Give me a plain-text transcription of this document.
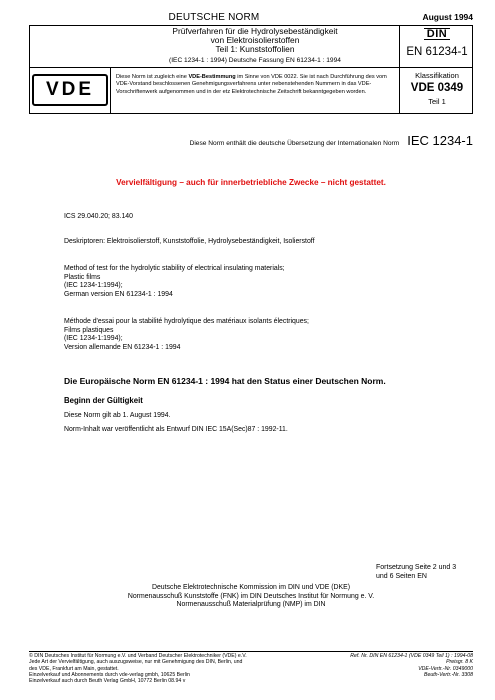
DEUTSCHE NORM	August 1994
Prüfverfahren für die Hydrolysebeständigkeit
von Elektroisolierstoffen
Teil 1: Kunststoffolien
(IEC 1234-1 : 1994) Deutsche Fassung EN 61234-1 : 1994
DIN
EN 61234-1
VDE
Diese Norm ist zugleich eine VDE-Bestimmung im Sinne von VDE 0022. Sie ist nach Durchführung des vom VDE-Vorstand beschlossenen Genehmigungsverfahrens unter nebenstehenden Nummern in das VDE-Vorschriftenwerk aufgenommen und in der etz Elektrotechnische Zeitschrift bekanntgegeben worden.
Klassifikation
VDE 0349
Teil 1
Diese Norm enthält die deutsche Übersetzung der Internationalen Norm IEC 1234-1
Vervielfältigung – auch für innerbetriebliche Zwecke – nicht gestattet.
ICS 29.040.20; 83.140
Deskriptoren: Elektroisolierstoff, Kunststoffolie, Hydrolysebeständigkeit, Isolierstoff
Method of test for the hydrolytic stability of electrical insulating materials;
Plastic films
(IEC 1234-1:1994);
German version EN 61234-1 : 1994
Méthode d'essai pour la stabilité hydrolytique des matériaux isolants électriques;
Films plastiques
(IEC 1234-1:1994);
Version allemande EN 61234-1 : 1994
Die Europäische Norm EN 61234-1 : 1994 hat den Status einer Deutschen Norm.
Beginn der Gültigkeit
Diese Norm gilt ab 1. August 1994.
Norm-Inhalt war veröffentlicht als Entwurf DIN IEC 15A(Sec)87 : 1992-11.
Fortsetzung Seite 2 und 3
und 6 Seiten EN
Deutsche Elektrotechnische Kommission im DIN und VDE (DKE)
Normenausschuß Kunststoffe (FNK) im DIN Deutsches Institut für Normung e. V.
Normenausschuß Materialprüfung (NMP) im DIN
© DIN Deutsches Institut für Normung e.V. und Verband Deutscher Elektrotechniker (VDE) e.V.
Jede Art der Vervielfältigung, auch auszugsweise, nur mit Genehmigung des DIN, Berlin, und
des VDE, Frankfurt am Main, gestattet.
Einzelverkauf und Abonnements durch vde-verlag gmbh, 10625 Berlin
Einzelverkauf auch durch Beuth Verlag GmbH, 10772 Berlin 08.94 v
Ref. Nr. DIN EN 61234-1 (VDE 0349 Teil 1) : 1994-08
Preisgr. 8 K
VDE-Vertr.-Nr. 0349000
Beuth-Vertr.-Nr. 3308
